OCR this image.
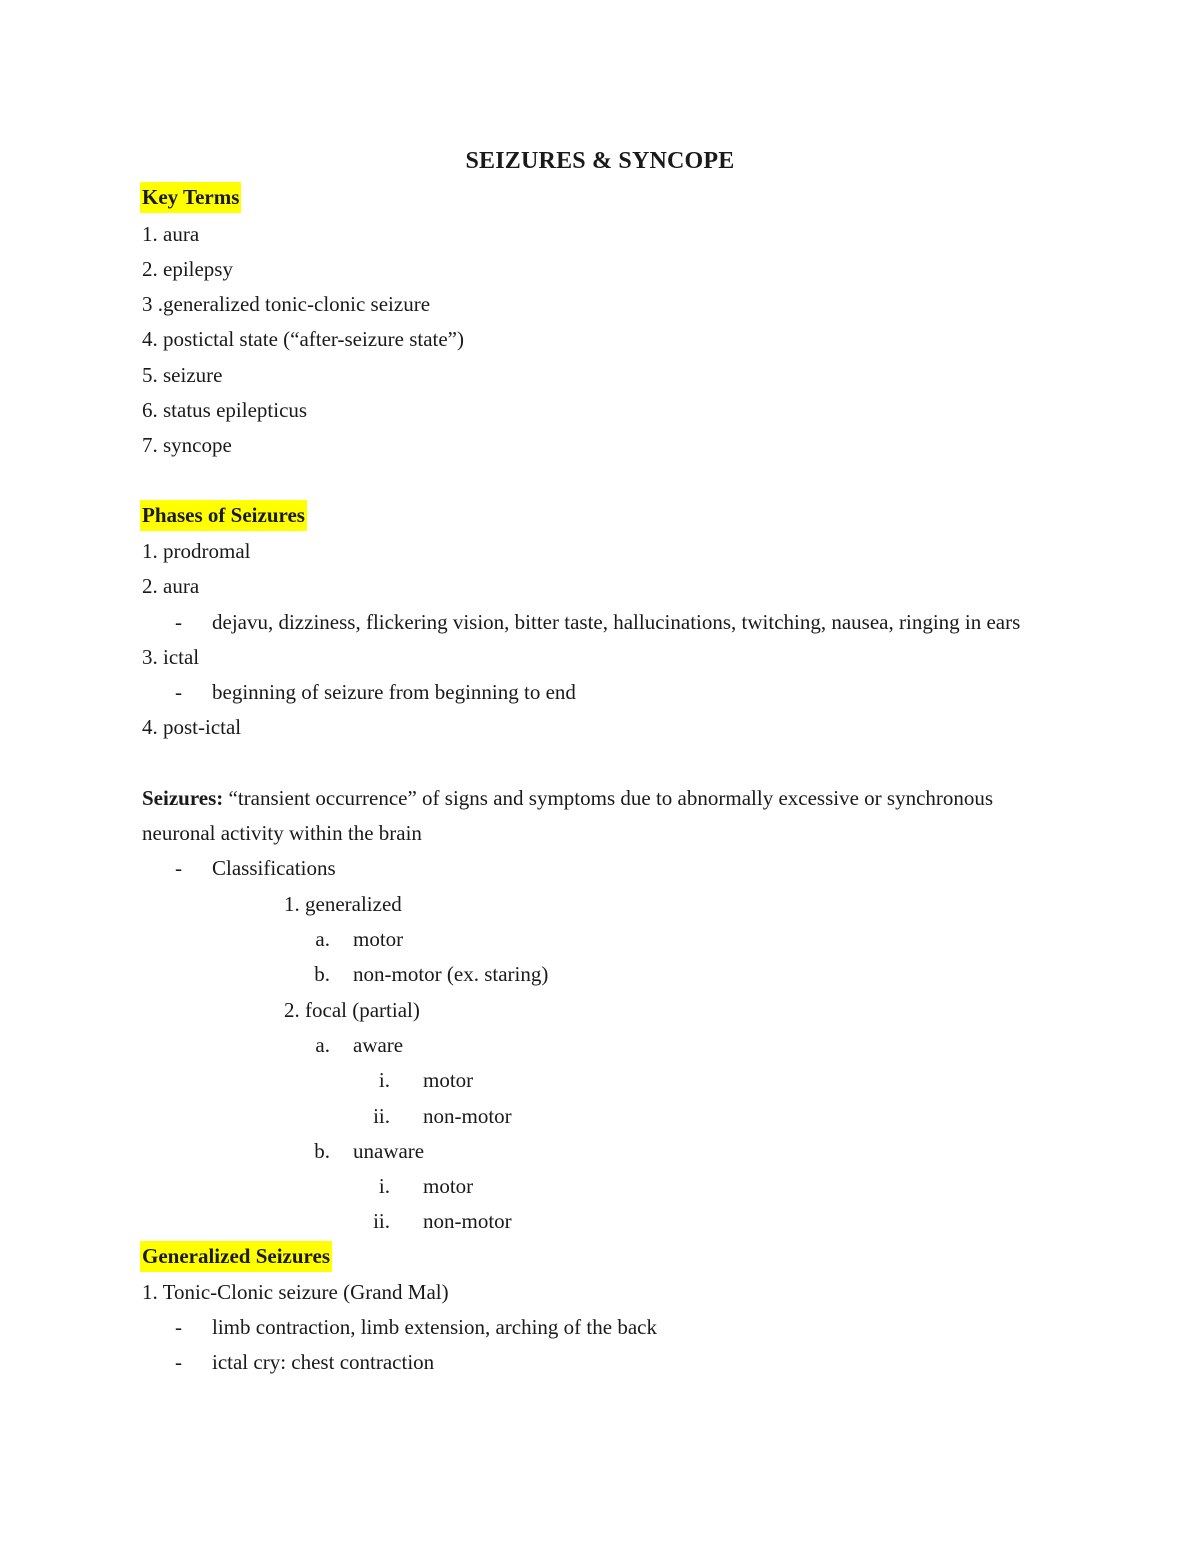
SEIZURES & SYNCOPE
Key Terms
1. aura
2. epilepsy
3 .generalized tonic-clonic seizure
4. postictal state (“after-seizure state”)
5. seizure
6. status epilepticus
7. syncope
Phases of Seizures
1. prodromal
2. aura
- dejavu, dizziness, flickering vision, bitter taste, hallucinations, twitching, nausea, ringing in ears
3. ictal
- beginning of seizure from beginning to end
4. post-ictal
Seizures: “transient occurrence” of signs and symptoms due to abnormally excessive or synchronous
neuronal activity within the brain
- Classifications
1. generalized
a. motor
b. non-motor (ex. staring)
2. focal (partial)
a. aware
i. motor
ii. non-motor
b. unaware
i. motor
ii. non-motor
Generalized Seizures
1. Tonic-Clonic seizure (Grand Mal)
- limb contraction, limb extension, arching of the back
- ictal cry: chest contraction
